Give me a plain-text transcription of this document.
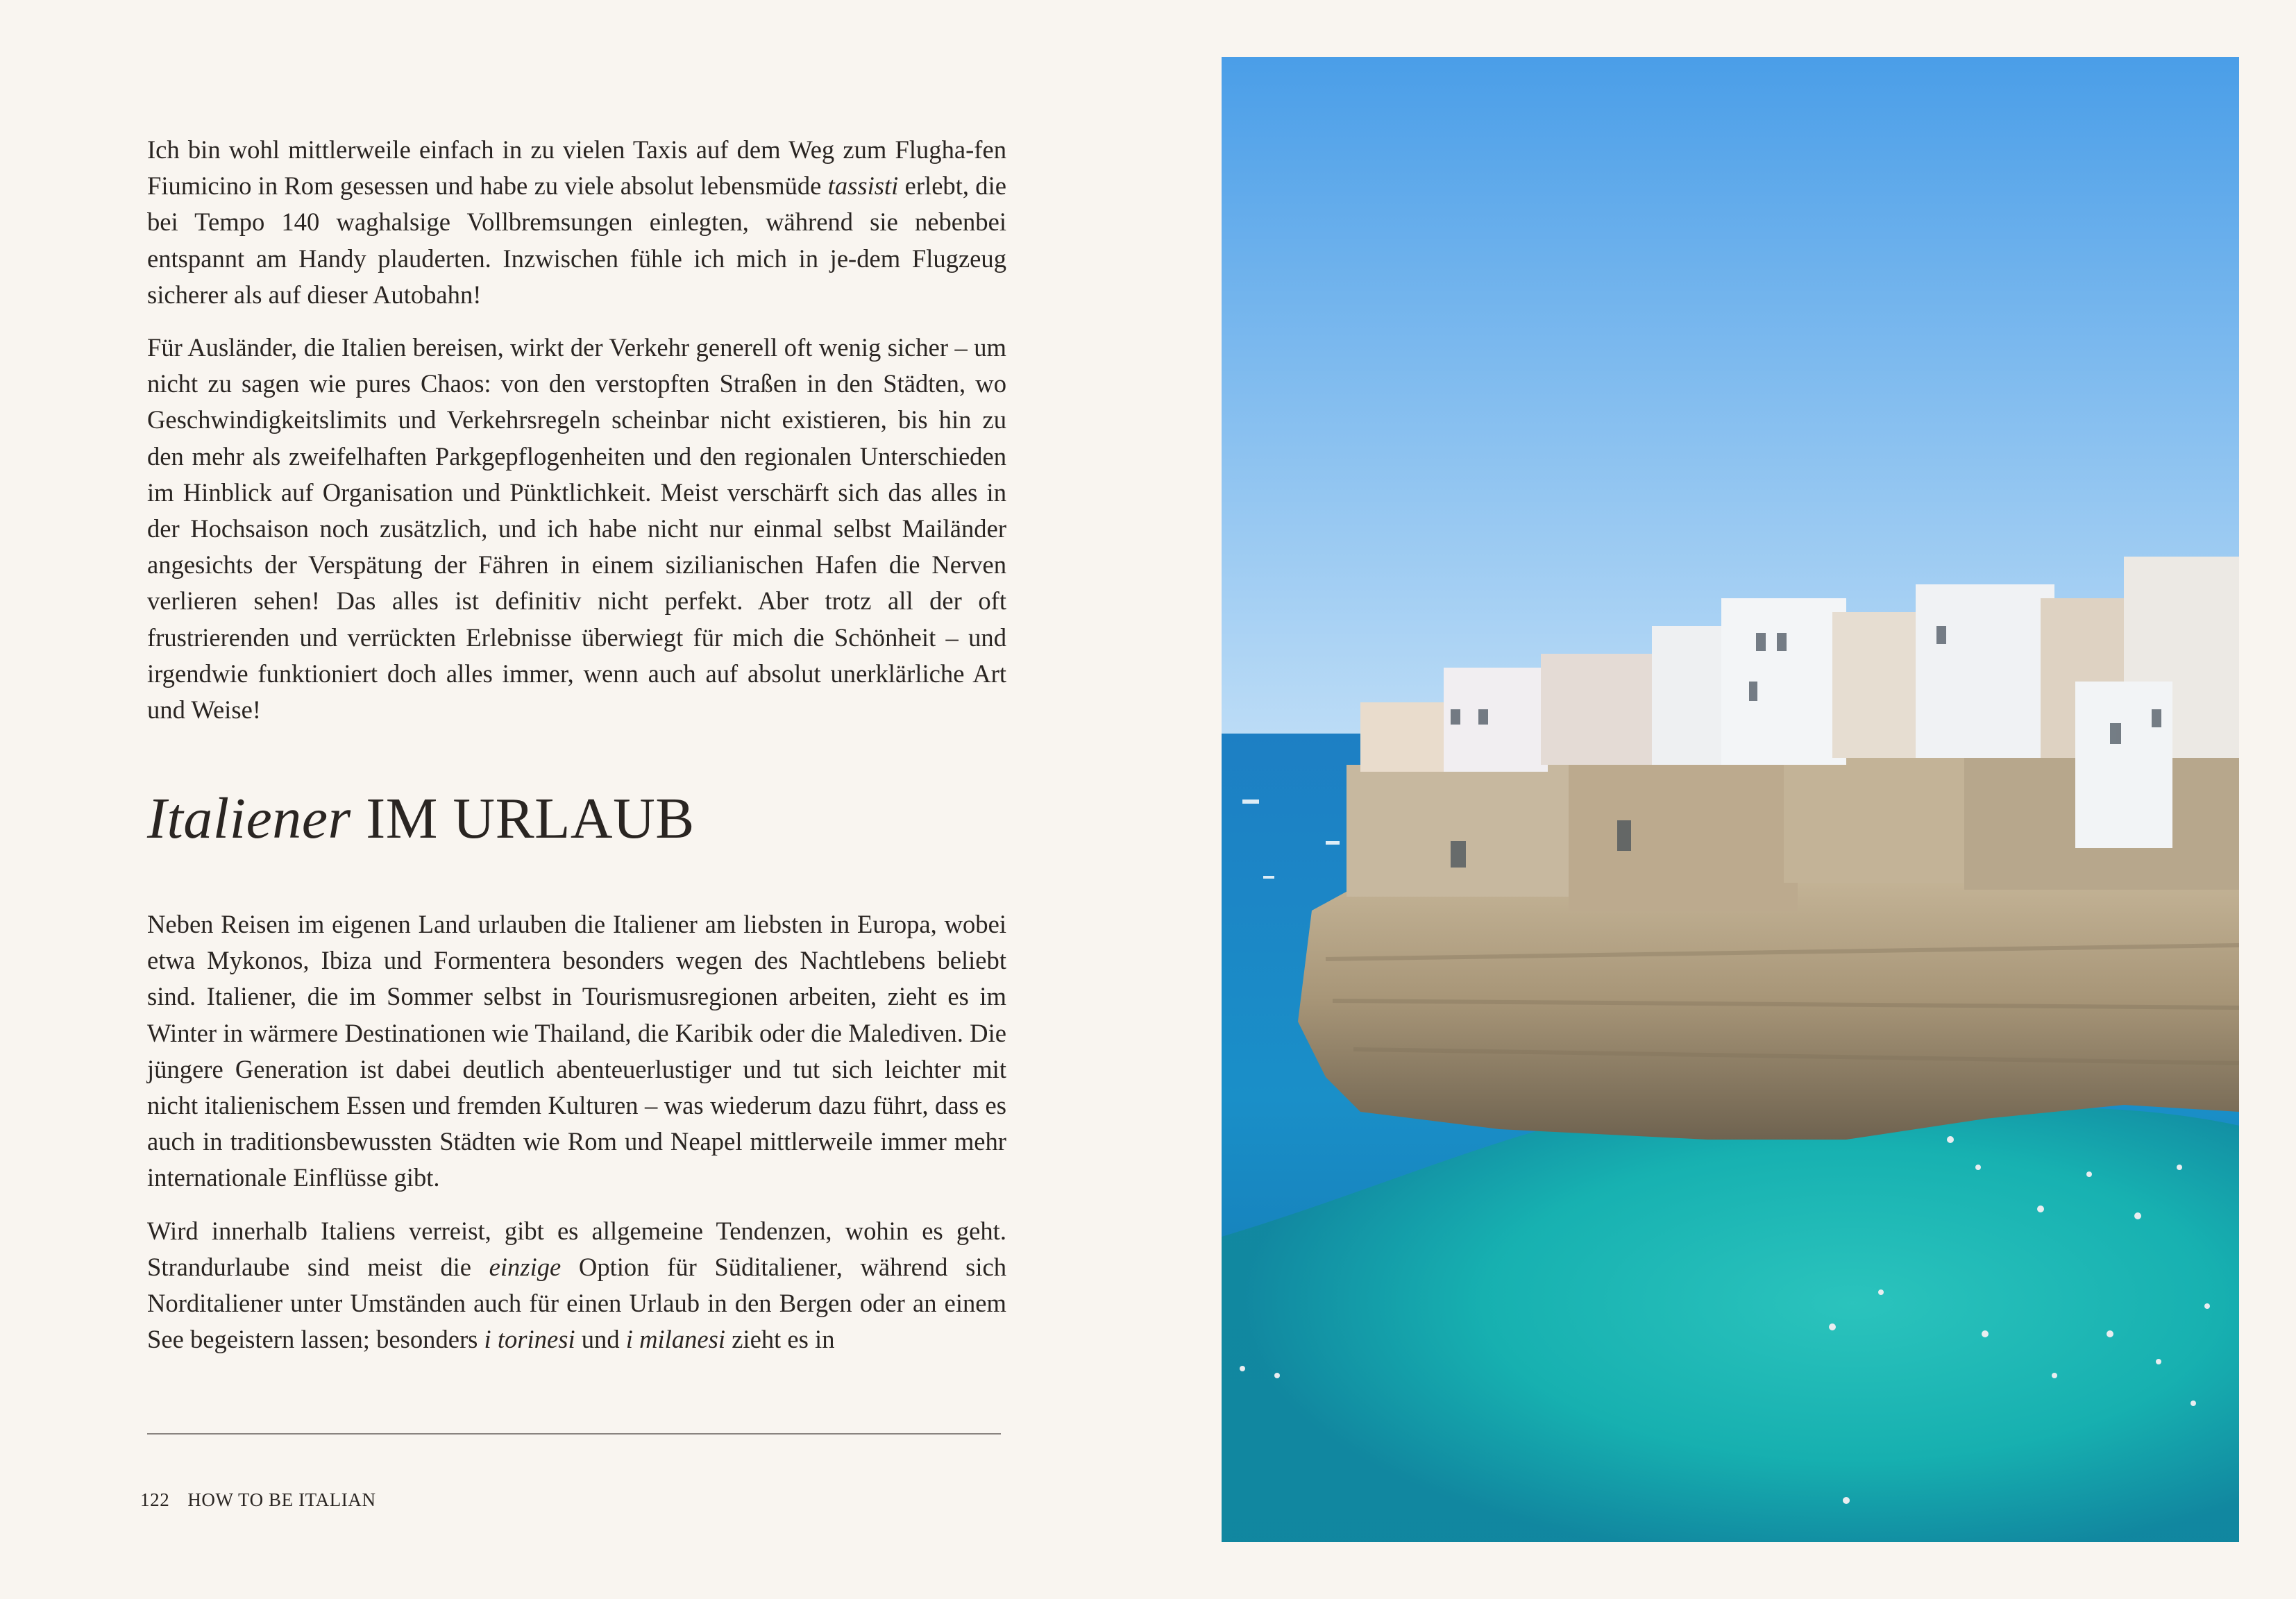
Ich bin wohl mittlerweile einfach in zu vielen Taxis auf dem Weg zum Flugha-fen Fiumicino in Rom gesessen und habe zu viele absolut lebensmüde tassisti erlebt, die bei Tempo 140 waghalsige Vollbremsungen einlegten, während sie nebenbei entspannt am Handy plauderten. Inzwischen fühle ich mich in je-dem Flugzeug sicherer als auf dieser Autobahn!

Für Ausländer, die Italien bereisen, wirkt der Verkehr generell oft wenig sicher – um nicht zu sagen wie pures Chaos: von den verstopften Straßen in den Städten, wo Geschwindigkeitslimits und Verkehrsregeln scheinbar nicht existieren, bis hin zu den mehr als zweifelhaften Parkgepflogenheiten und den regionalen Unterschieden im Hinblick auf Organisation und Pünktlichkeit. Meist verschärft sich das alles in der Hochsaison noch zusätzlich, und ich habe nicht nur einmal selbst Mailänder angesichts der Verspätung der Fähren in einem sizilianischen Hafen die Nerven verlieren sehen! Das alles ist definitiv nicht perfekt. Aber trotz all der oft frustrierenden und verrückten Erlebnisse überwiegt für mich die Schönheit – und irgendwie funktioniert doch alles immer, wenn auch auf absolut unerklärliche Art und Weise!

Italiener IM URLAUB

Neben Reisen im eigenen Land urlauben die Italiener am liebsten in Europa, wobei etwa Mykonos, Ibiza und Formentera besonders wegen des Nachtlebens beliebt sind. Italiener, die im Sommer selbst in Tourismusregionen arbeiten, zieht es im Winter in wärmere Destinationen wie Thailand, die Karibik oder die Malediven. Die jüngere Generation ist dabei deutlich abenteuerlustiger und tut sich leichter mit nicht italienischem Essen und fremden Kulturen – was wiederum dazu führt, dass es auch in traditionsbewussten Städten wie Rom und Neapel mittlerweile immer mehr internationale Einflüsse gibt.

Wird innerhalb Italiens verreist, gibt es allgemeine Tendenzen, wohin es geht. Strandurlaube sind meist die einzige Option für Süditaliener, während sich Norditaliener unter Umständen auch für einen Urlaub in den Bergen oder an einem See begeistern lassen; besonders i torinesi und i milanesi zieht es in

122 HOW TO BE ITALIAN
